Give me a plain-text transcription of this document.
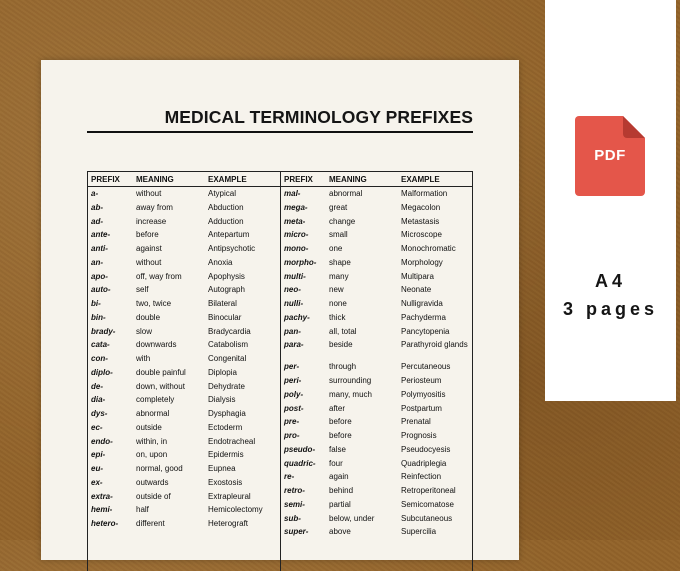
MEDICAL TERMINOLOGY PREFIXES
PREFIX MEANING	EXAMPLE
a-	without	Atypical
ab-	away from	Abduction
ad-	increase	Adduction
ante-	before	Antepartum
anti-	against	Antipsychotic
an-	without	Anoxia
apo-	off, way from	Apophysis
auto-	self	Autograph
bi-	two, twice	Bilateral
bin-	double	Binocular
brady-	slow	Bradycardia
cata-	downwards	Catabolism
con-	with	Congenital
diplo-	double painful	Diplopia
de-	down, without	Dehydrate
dia-	completely	Dialysis
dys-	abnormal	Dysphagia
ec-	outside	Ectoderm
endo-	within, in	Endotracheal
epi-	on, upon	Epidermis
eu-	normal, good	Eupnea
ex-	outwards	Exostosis
extra-	outside of	Extrapleural
hemi-	half	Hemicolectomy
hetero- different	Heterograft
PREFIX MEANING	EXAMPLE
mal-	abnormal	Malformation
mega-	great	Megacolon
meta-	change	Metastasis
micro-	small	Microscope
mono-	one	Monochromatic
morpho- shape	Morphology
multi-	many	Multipara
neo-	new	Neonate
nulli-	none	Nulligravida
pachy- thick	Pachyderma
pan-	all, total	Pancytopenia
para-	beside	Parathyroid glands
per-	through	Percutaneous
peri-	surrounding	Periosteum
poly-	many, much	Polymyositis
post-	after	Postpartum
pre-	before	Prenatal
pro-	before	Prognosis
pseudo- false	Pseudocyesis
quadric- four	Quadriplegia
re-	again	Reinfection
retro-	behind	Retroperitoneal
semi-	partial	Semicomatose
sub-	below, under	Subcutaneous
super-	above	Supercilia
PDF
A4
3 pages
